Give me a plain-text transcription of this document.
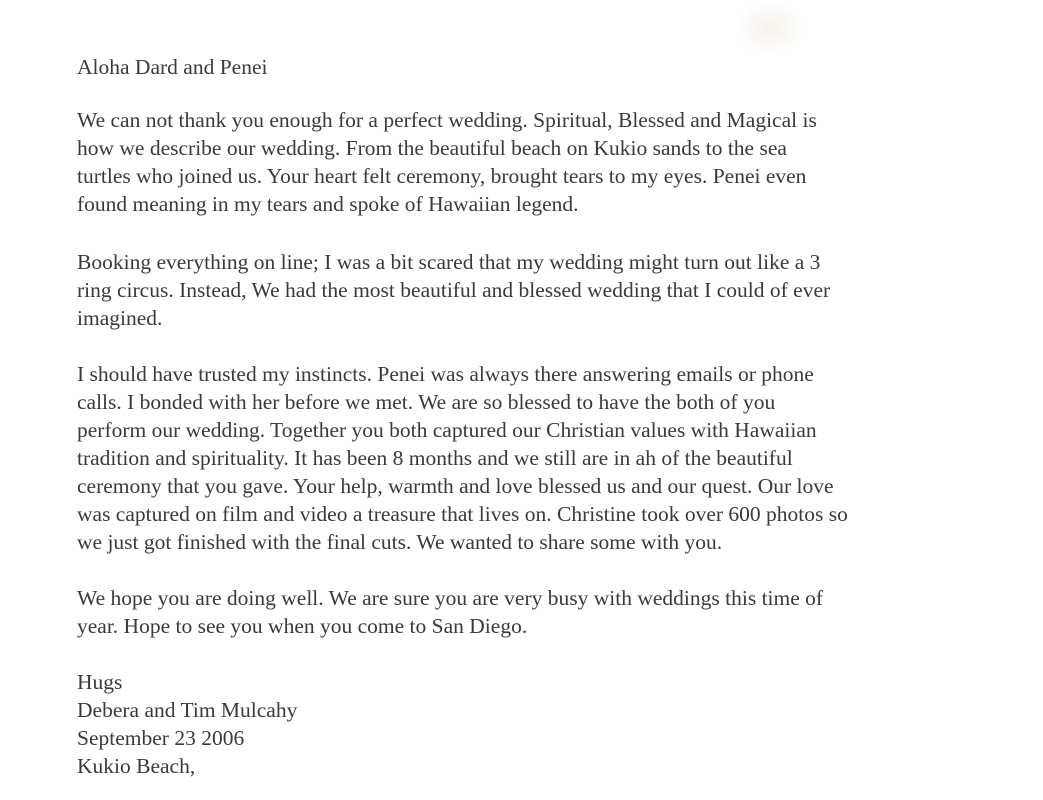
Aloha Dard and Penei

We can not thank you enough for a perfect wedding. Spiritual, Blessed and Magical is

how we describe our wedding. From the beautiful beach on Kukio sands to the sea

turtles who joined us. Your heart felt ceremony, brought tears to my eyes. Penei even

found meaning in my tears and spoke of Hawaiian legend.

Booking everything on line; I was a bit scared that my wedding might turn out like a 3

ring circus. Instead, We had the most beautiful and blessed wedding that I could of ever

imagined.

I should have trusted my instincts. Penei was always there answering emails or phone

calls. I bonded with her before we met. We are so blessed to have the both of you

perform our wedding. Together you both captured our Christian values with Hawaiian

tradition and spirituality. It has been 8 months and we still are in ah of the beautiful

ceremony that you gave. Your help, warmth and love blessed us and our quest. Our love

was captured on film and video a treasure that lives on. Christine took over 600 photos so

we just got finished with the final cuts. We wanted to share some with you.

We hope you are doing well. We are sure you are very busy with weddings this time of

year. Hope to see you when you come to San Diego.

Hugs

Debera and Tim Mulcahy

September 23 2006

Kukio Beach,
